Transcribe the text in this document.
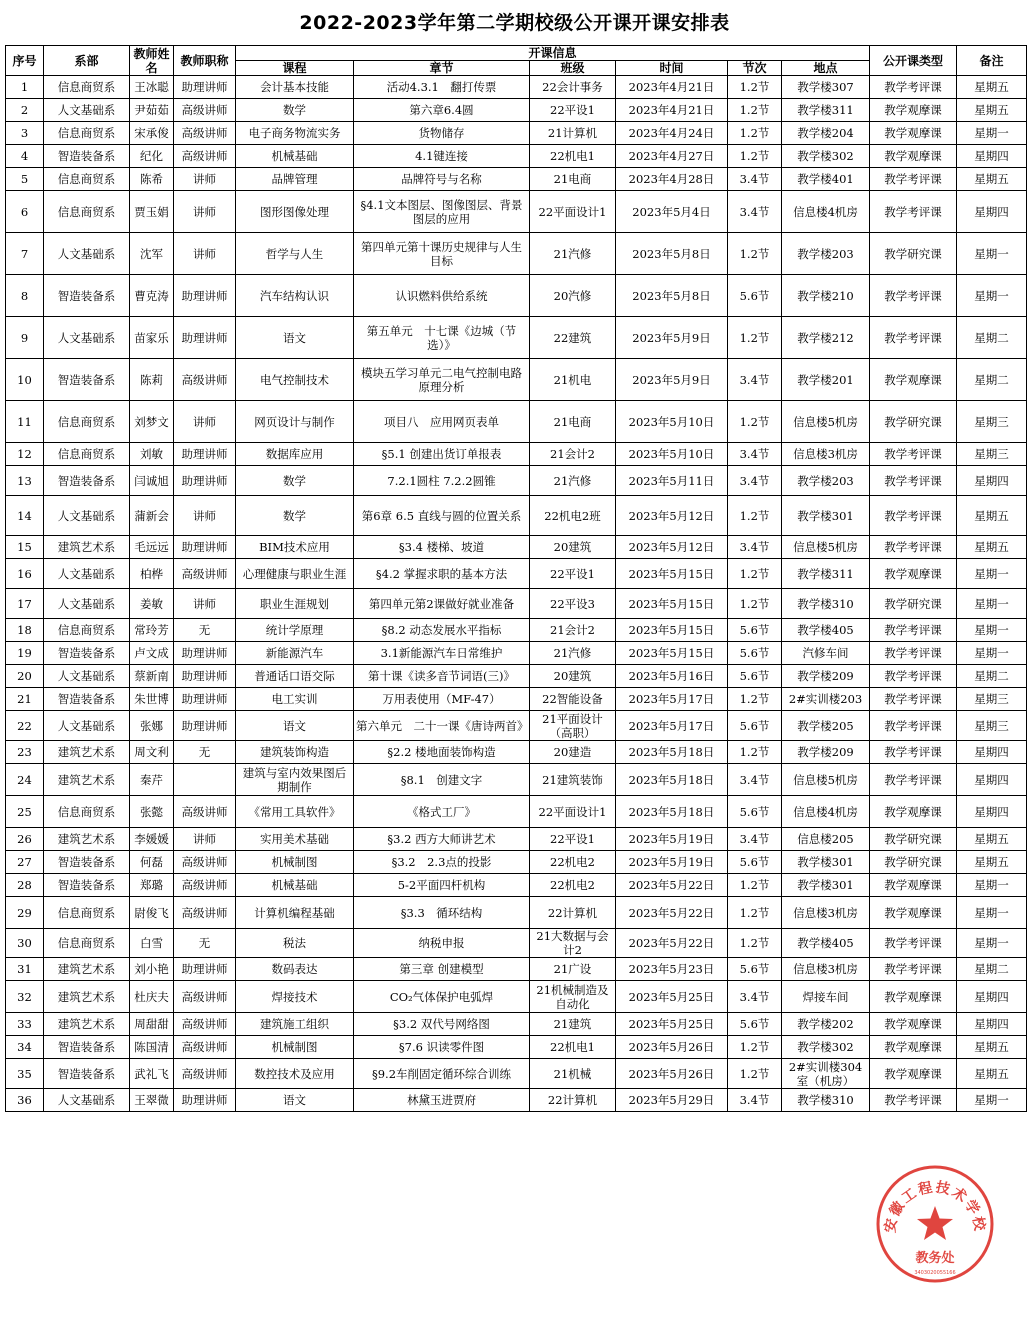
2022-2023学年第二学期校级公开课开课安排表
序号	系部	教师姓名	教师职称	开课信息						公开课类型	备注
				课程	章节	班级	时间	节次	地点		
1	信息商贸系	王冰聪	助理讲师	会计基本技能	活动4.3.1　翻打传票	22会计事务	2023年4月21日	1.2节	教学楼307	教学考评课	星期五
2	人文基础系	尹茹茹	高级讲师	数学	第六章6.4圆	22平设1	2023年4月21日	1.2节	教学楼311	教学观摩课	星期五
3	信息商贸系	宋承俊	高级讲师	电子商务物流实务	货物储存	21计算机	2023年4月24日	1.2节	教学楼204	教学观摩课	星期一
4	智造装备系	纪化	高级讲师	机械基础	4.1键连接	22机电1	2023年4月27日	1.2节	教学楼302	教学观摩课	星期四
5	信息商贸系	陈希	讲师	品牌管理	品牌符号与名称	21电商	2023年4月28日	3.4节	教学楼401	教学考评课	星期五
6	信息商贸系	贾玉娟	讲师	图形图像处理	§4.1文本图层、图像图层、背景图层的应用	22平面设计1	2023年5月4日	3.4节	信息楼4机房	教学考评课	星期四
7	人文基础系	沈军	讲师	哲学与人生	第四单元第十课历史规律与人生目标	21汽修	2023年5月8日	1.2节	教学楼203	教学研究课	星期一
8	智造装备系	曹克涛	助理讲师	汽车结构认识	认识燃料供给系统	20汽修	2023年5月8日	5.6节	教学楼210	教学考评课	星期一
9	人文基础系	苗家乐	助理讲师	语文	第五单元　十七课《边城（节选）》	22建筑	2023年5月9日	1.2节	教学楼212	教学考评课	星期二
10	智造装备系	陈莉	高级讲师	电气控制技术	模块五学习单元二电气控制电路原理分析	21机电	2023年5月9日	3.4节	教学楼201	教学观摩课	星期二
11	信息商贸系	刘梦文	讲师	网页设计与制作	项目八　应用网页表单	21电商	2023年5月10日	1.2节	信息楼5机房	教学研究课	星期三
12	信息商贸系	刘敏	助理讲师	数据库应用	§5.1 创建出货订单报表	21会计2	2023年5月10日	3.4节	信息楼3机房	教学考评课	星期三
13	智造装备系	闫诚旭	助理讲师	数学	7.2.1圆柱 7.2.2圆锥	21汽修	2023年5月11日	3.4节	教学楼203	教学考评课	星期四
14	人文基础系	蒲新会	讲师	数学	第6章 6.5 直线与圆的位置关系	22机电2班	2023年5月12日	1.2节	教学楼301	教学考评课	星期五
15	建筑艺术系	毛远远	助理讲师	BIM技术应用	§3.4 楼梯、坡道	20建筑	2023年5月12日	3.4节	信息楼5机房	教学考评课	星期五
16	人文基础系	柏桦	高级讲师	心理健康与职业生涯	§4.2 掌握求职的基本方法	22平设1	2023年5月15日	1.2节	教学楼311	教学观摩课	星期一
17	人文基础系	姜敏	讲师	职业生涯规划	第四单元第2课做好就业准备	22平设3	2023年5月15日	1.2节	教学楼310	教学研究课	星期一
18	信息商贸系	常玲芳	无	统计学原理	§8.2 动态发展水平指标	21会计2	2023年5月15日	5.6节	教学楼405	教学考评课	星期一
19	智造装备系	卢文成	助理讲师	新能源汽车	3.1新能源汽车日常维护	21汽修	2023年5月15日	5.6节	汽修车间	教学考评课	星期一
20	人文基础系	蔡新南	助理讲师	普通话口语交际	第十课《读多音节词语(三)》	20建筑	2023年5月16日	5.6节	教学楼209	教学考评课	星期二
21	智造装备系	朱世博	助理讲师	电工实训	万用表使用（MF-47）	22智能设备	2023年5月17日	1.2节	2#实训楼203	教学考评课	星期三
22	人文基础系	张娜	助理讲师	语文	第六单元　二十一课《唐诗两首》	21平面设计（高职）	2023年5月17日	5.6节	教学楼205	教学考评课	星期三
23	建筑艺术系	周文利	无	建筑装饰构造	§2.2 楼地面装饰构造	20建造	2023年5月18日	1.2节	教学楼209	教学考评课	星期四
24	建筑艺术系	秦芹		建筑与室内效果图后期制作	§8.1　创建文字	21建筑装饰	2023年5月18日	3.4节	信息楼5机房	教学考评课	星期四
25	信息商贸系	张懿	高级讲师	《常用工具软件》	《格式工厂》	22平面设计1	2023年5月18日	5.6节	信息楼4机房	教学观摩课	星期四
26	建筑艺术系	李媛媛	讲师	实用美术基础	§3.2 西方大师讲艺术	22平设1	2023年5月19日	3.4节	信息楼205	教学研究课	星期五
27	智造装备系	何磊	高级讲师	机械制图	§3.2　2.3点的投影	22机电2	2023年5月19日	5.6节	教学楼301	教学研究课	星期五
28	智造装备系	郑璐	高级讲师	机械基础	5-2平面四杆机构	22机电2	2023年5月22日	1.2节	教学楼301	教学观摩课	星期一
29	信息商贸系	尉俊飞	高级讲师	计算机编程基础	§3.3　循环结构	22计算机	2023年5月22日	1.2节	信息楼3机房	教学观摩课	星期一
30	信息商贸系	白雪	无	税法	纳税申报	21大数据与会计2	2023年5月22日	1.2节	教学楼405	教学考评课	星期一
31	建筑艺术系	刘小艳	助理讲师	数码表达	第三章 创建模型	21广设	2023年5月23日	5.6节	信息楼3机房	教学考评课	星期二
32	建筑艺术系	杜庆夫	高级讲师	焊接技术	CO₂气体保护电弧焊	21机械制造及自动化	2023年5月25日	3.4节	焊接车间	教学观摩课	星期四
33	建筑艺术系	周甜甜	高级讲师	建筑施工组织	§3.2 双代号网络图	21建筑	2023年5月25日	5.6节	教学楼202	教学观摩课	星期四
34	智造装备系	陈国清	高级讲师	机械制图	§7.6 识读零件图	22机电1	2023年5月26日	1.2节	教学楼302	教学观摩课	星期五
35	智造装备系	武礼飞	高级讲师	数控技术及应用	§9.2车削固定循环综合训练	21机械	2023年5月26日	1.2节	2#实训楼304室（机房）	教学观摩课	星期五
36	人文基础系	王翠微	助理讲师	语文	林黛玉进贾府	22计算机	2023年5月29日	3.4节	教学楼310	教学考评课	星期一
安徽工程技术学校
教务处
3403020055166
